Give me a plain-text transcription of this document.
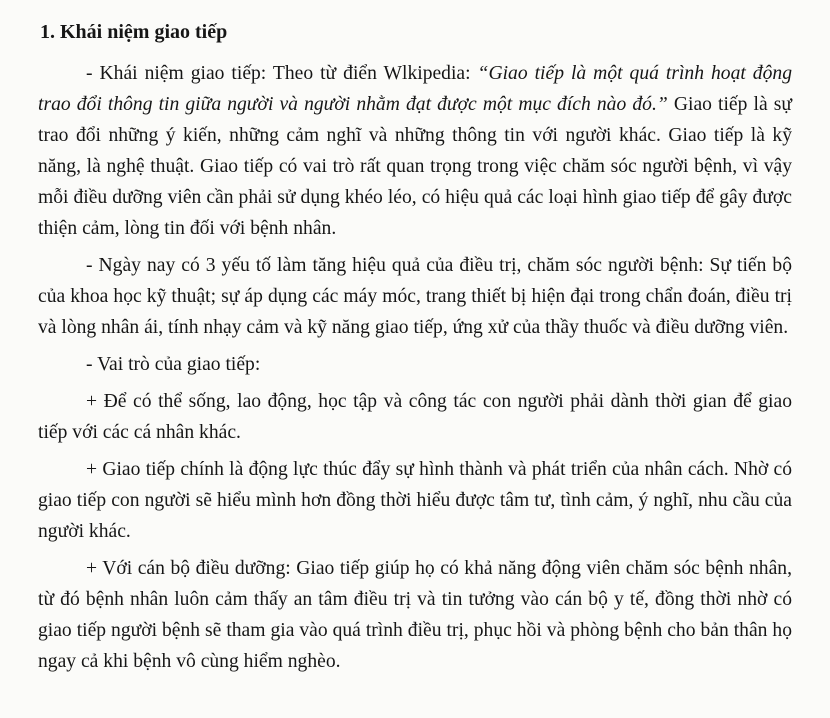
1. Khái niệm giao tiếp

- Khái niệm giao tiếp: Theo từ điển Wlkipedia: “Giao tiếp là một quá trình hoạt động trao đổi thông tin giữa người và người nhằm đạt được một mục đích nào đó.” Giao tiếp là sự trao đổi những ý kiến, những cảm nghĩ và những thông tin với người khác. Giao tiếp là kỹ năng, là nghệ thuật. Giao tiếp có vai trò rất quan trọng trong việc chăm sóc người bệnh, vì vậy mỗi điều dưỡng viên cần phải sử dụng khéo léo, có hiệu quả các loại hình giao tiếp để gây được thiện cảm, lòng tin đối với bệnh nhân.

- Ngày nay có 3 yếu tố làm tăng hiệu quả của điều trị, chăm sóc người bệnh: Sự tiến bộ của khoa học kỹ thuật; sự áp dụng các máy móc, trang thiết bị hiện đại trong chẩn đoán, điều trị và lòng nhân ái, tính nhạy cảm và kỹ năng giao tiếp, ứng xử của thầy thuốc và điều dưỡng viên.

- Vai trò của giao tiếp:

+ Để có thể sống, lao động, học tập và công tác con người phải dành thời gian để giao tiếp với các cá nhân khác.

+ Giao tiếp chính là động lực thúc đẩy sự hình thành và phát triển của nhân cách. Nhờ có giao tiếp con người sẽ hiểu mình hơn đồng thời hiểu được tâm tư, tình cảm, ý nghĩ, nhu cầu của người khác.

+ Với cán bộ điều dưỡng: Giao tiếp giúp họ có khả năng động viên chăm sóc bệnh nhân, từ đó bệnh nhân luôn cảm thấy an tâm điều trị và tin tưởng vào cán bộ y tế, đồng thời nhờ có giao tiếp người bệnh sẽ tham gia vào quá trình điều trị, phục hồi và phòng bệnh cho bản thân họ ngay cả khi bệnh vô cùng hiểm nghèo.
